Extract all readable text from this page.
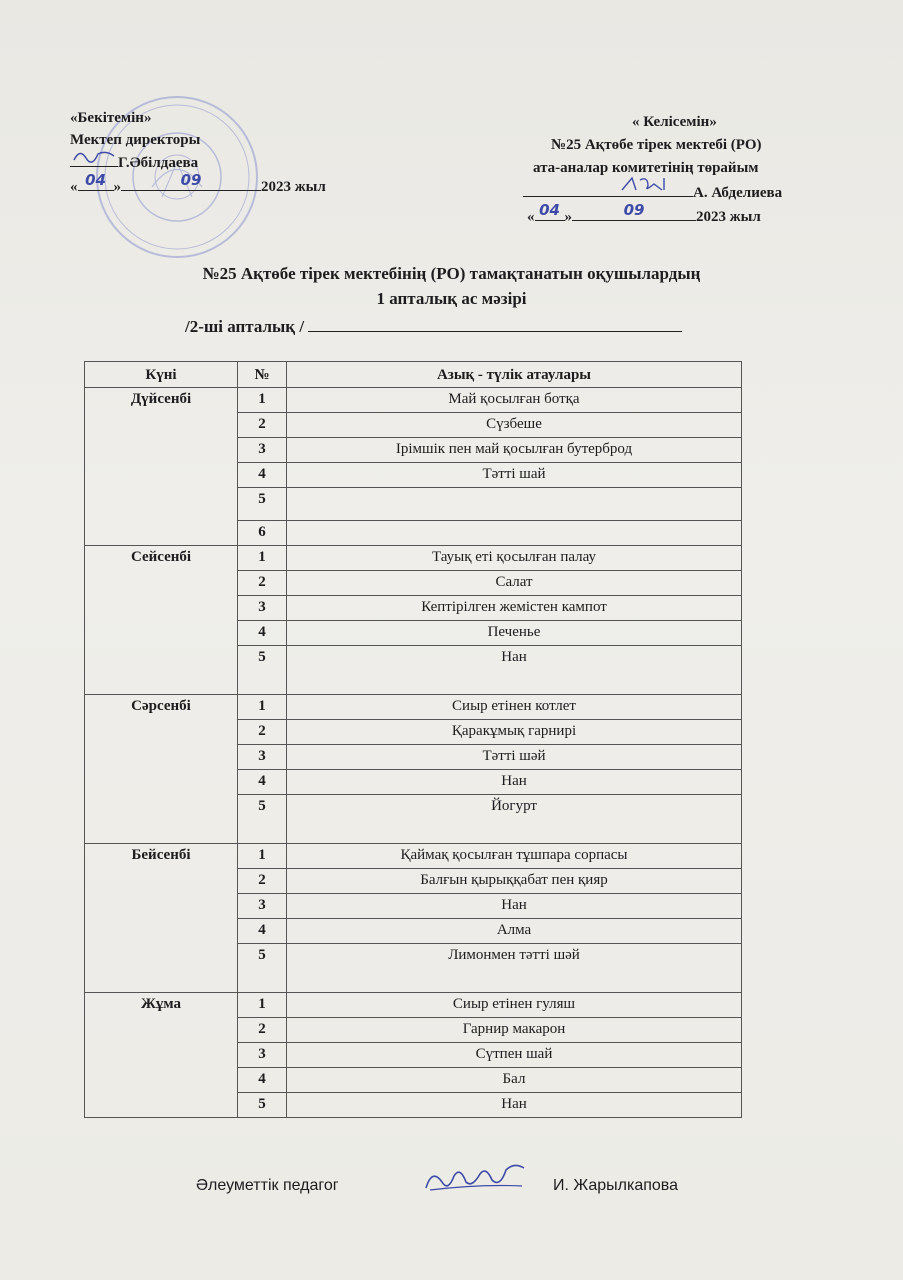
«Бекітемін»
Мектеп директоры
Г.Әбілдаева
« 04 »	09	2023 жыл
« Келісемін»
№25 Ақтөбе тірек мектебі (РО)
ата-аналар комитетінің төрайым
А. Абделиева
« 04 »	09	2023 жыл
№25 Ақтөбе тірек мектебінің (РО) тамақтанатын оқушылардың
1 апталық ас мәзірі
/2-ші апталық /
Күні	№	Азық - түлік атаулары
Дүйсенбі	1	Май қосылған ботқа
	2	Сүзбеше
	3	Ірімшік пен май қосылған бутерброд
	4	Тәтті шай
	5	
	6	
Сейсенбі	1	Тауық еті қосылған палау
	2	Салат
	3	Кептірілген жемістен кампот
	4	Печенье
	5	Нан
Сәрсенбі	1	Сиыр етінен котлет
	2	Қаракұмық гарнирі
	3	Тәтті шәй
	4	Нан
	5	Йогурт
Бейсенбі	1	Қаймақ қосылған тұшпара сорпасы
	2	Балғын қырыққабат пен қияр
	3	Нан
	4	Алма
	5	Лимонмен тәтті шәй
Жұма	1	Сиыр етінен гуляш
	2	Гарнир макарон
	3	Сүтпен шай
	4	Бал
	5	Нан
Әлеуметтік педагог	И. Жарылкапова
